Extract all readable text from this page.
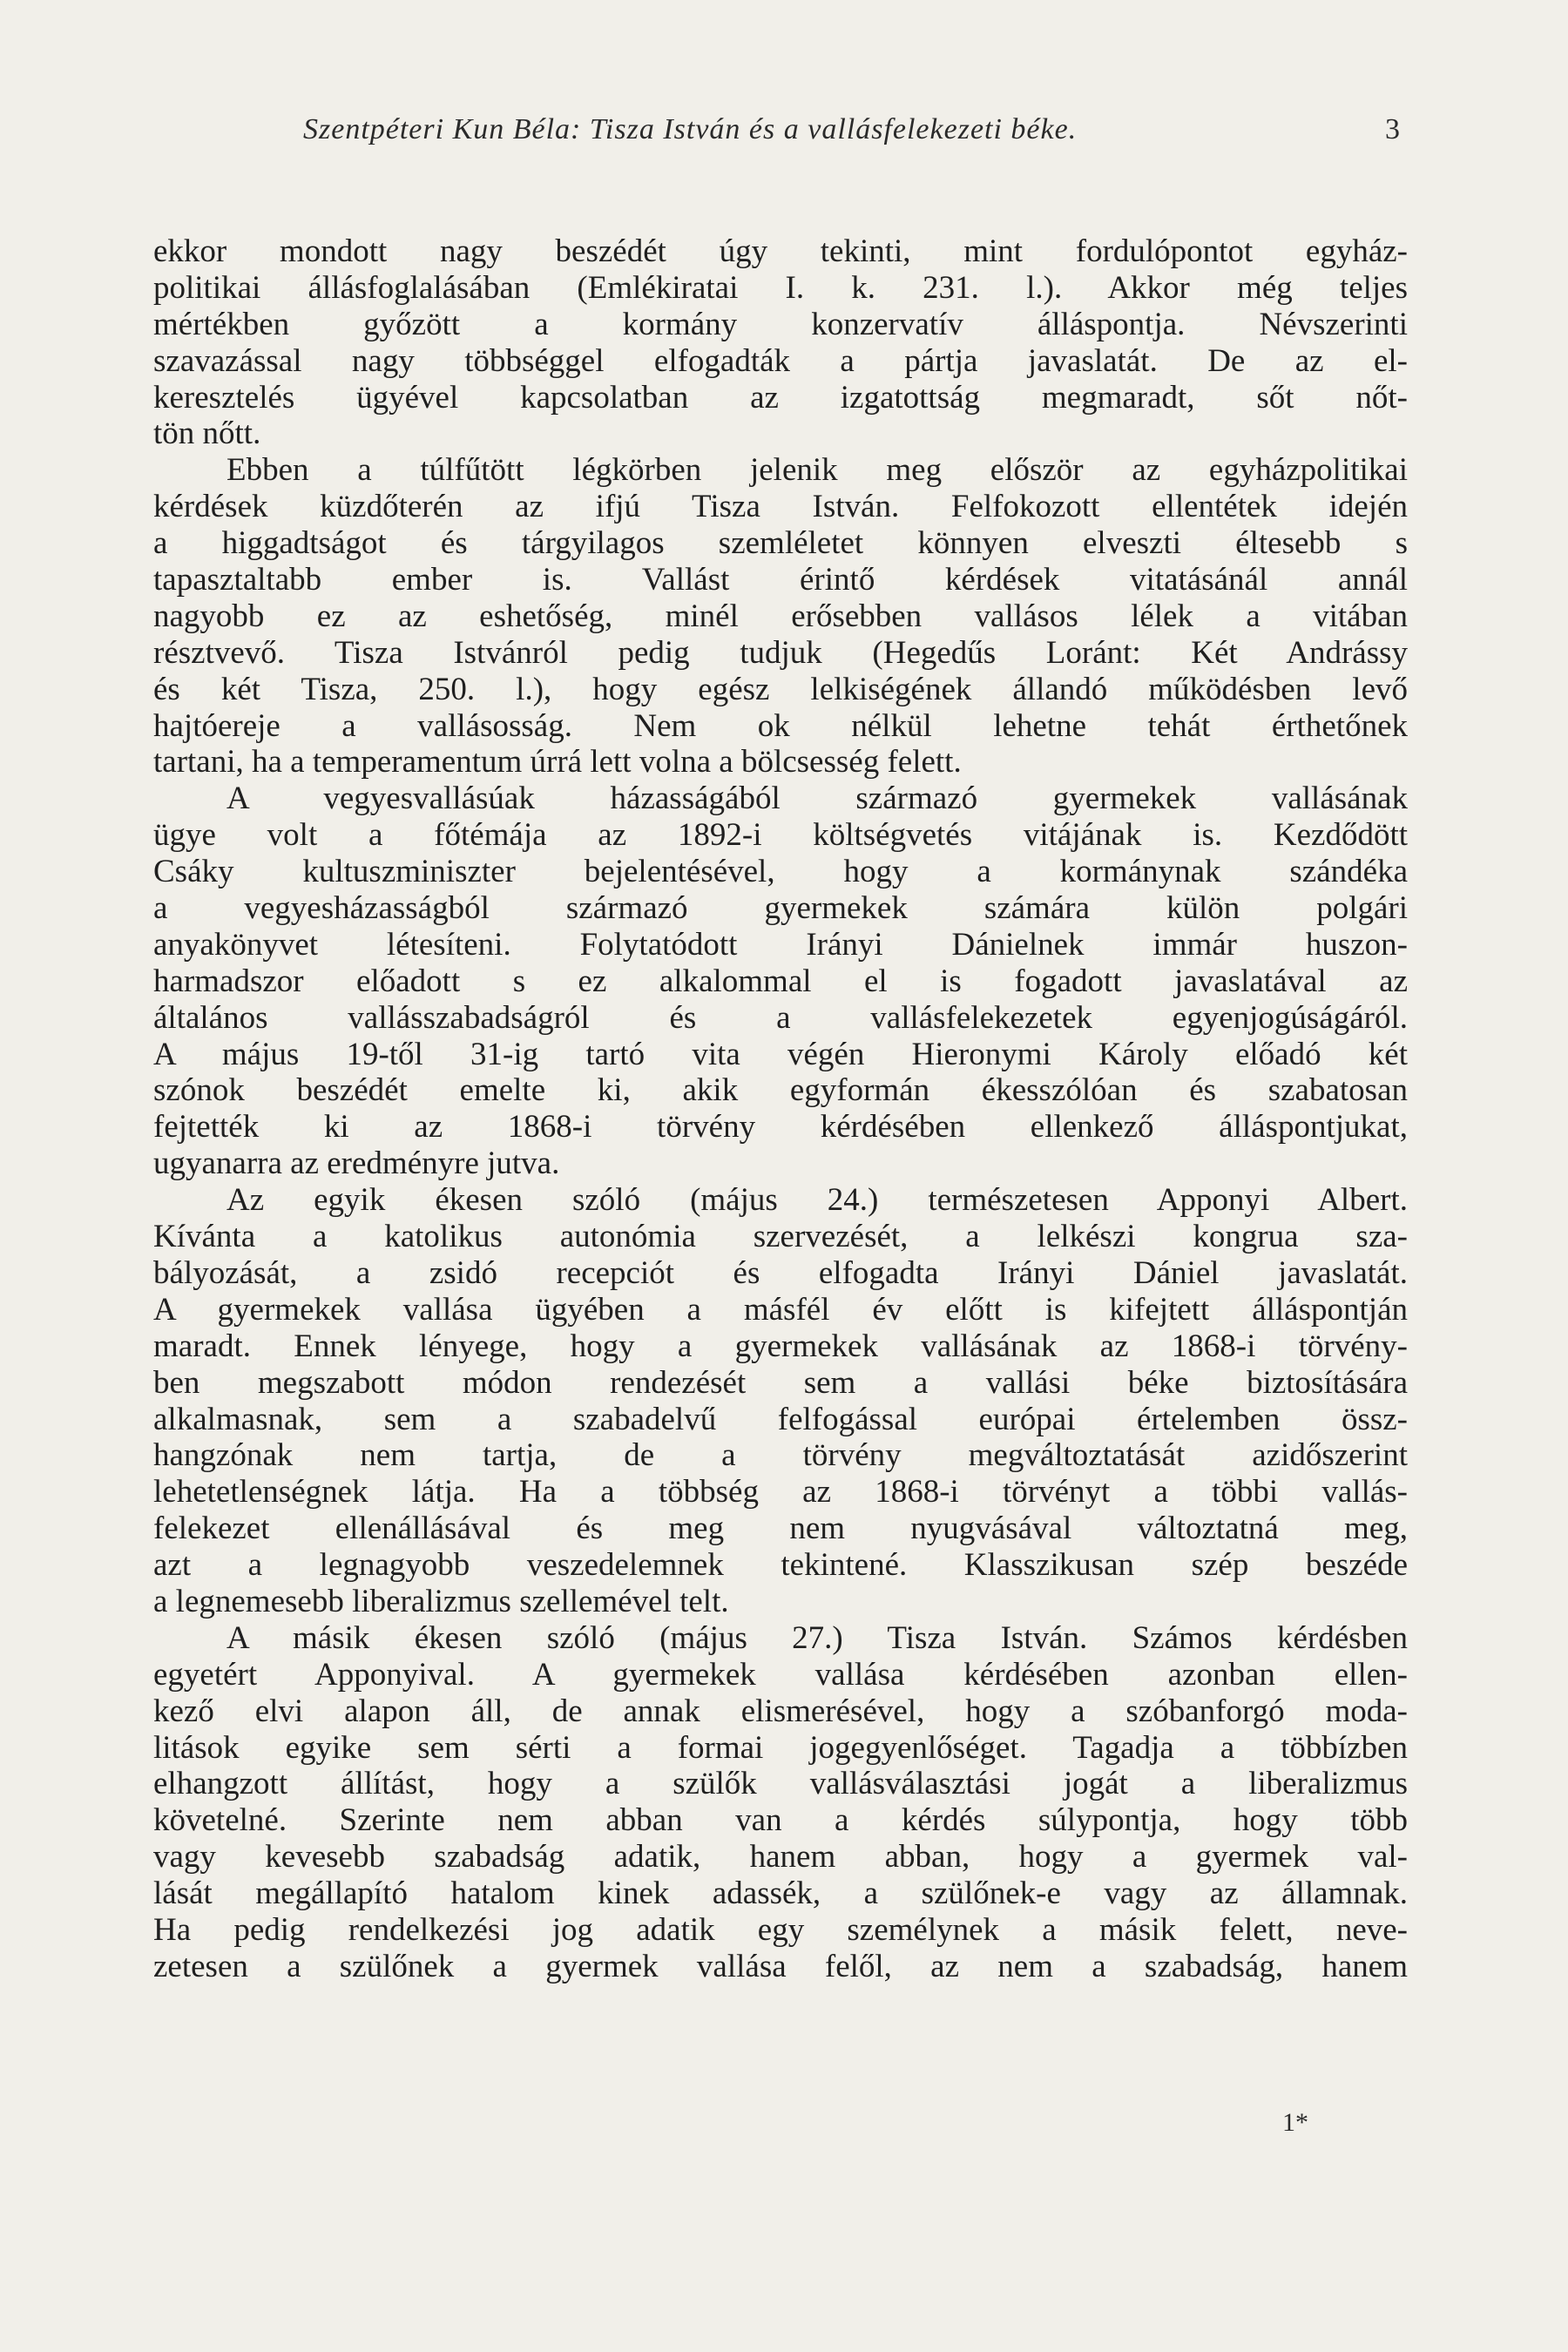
Szentpéteri Kun Béla: Tisza István és a vallásfelekezeti béke.	3
ekkor mondott nagy beszédét úgy tekinti, mint fordulópontot egyház-
politikai állásfoglalásában (Emlékiratai I. k. 231. l.). Akkor még teljes
mértékben győzött a kormány konzervatív álláspontja. Névszerinti
szavazással nagy többséggel elfogadták a pártja javaslatát. De az el-
keresztelés ügyével kapcsolatban az izgatottság megmaradt, sőt nőt-
tön nőtt.
Ebben a túlfűtött légkörben jelenik meg először az egyházpolitikai
kérdések küzdőterén az ifjú Tisza István. Felfokozott ellentétek idején
a higgadtságot és tárgyilagos szemléletet könnyen elveszti éltesebb s
tapasztaltabb ember is. Vallást érintő kérdések vitatásánál annál
nagyobb ez az eshetőség, minél erősebben vallásos lélek a vitában
résztvevő. Tisza Istvánról pedig tudjuk (Hegedűs Loránt: Két Andrássy
és két Tisza, 250. l.), hogy egész lelkiségének állandó működésben levő
hajtóereje a vallásosság. Nem ok nélkül lehetne tehát érthetőnek
tartani, ha a temperamentum úrrá lett volna a bölcsesség felett.
A vegyesvallásúak házasságából származó gyermekek vallásának
ügye volt a főtémája az 1892-i költségvetés vitájának is. Kezdődött
Csáky kultuszminiszter bejelentésével, hogy a kormánynak szándéka
a vegyesházasságból származó gyermekek számára külön polgári
anyakönyvet létesíteni. Folytatódott Irányi Dánielnek immár huszon-
harmadszor előadott s ez alkalommal el is fogadott javaslatával az
általános vallásszabadságról és a vallásfelekezetek egyenjogúságáról.
A május 19-től 31-ig tartó vita végén Hieronymi Károly előadó két
szónok beszédét emelte ki, akik egyformán ékesszólóan és szabatosan
fejtették ki az 1868-i törvény kérdésében ellenkező álláspontjukat,
ugyanarra az eredményre jutva.
Az egyik ékesen szóló (május 24.) természetesen Apponyi Albert.
Kívánta a katolikus autonómia szervezését, a lelkészi kongrua sza-
bályozását, a zsidó recepciót és elfogadta Irányi Dániel javaslatát.
A gyermekek vallása ügyében a másfél év előtt is kifejtett álláspontján
maradt. Ennek lényege, hogy a gyermekek vallásának az 1868-i törvény-
ben megszabott módon rendezését sem a vallási béke biztosítására
alkalmasnak, sem a szabadelvű felfogással európai értelemben össz-
hangzónak nem tartja, de a törvény megváltoztatását azidőszerint
lehetetlenségnek látja. Ha a többség az 1868-i törvényt a többi vallás-
felekezet ellenállásával és meg nem nyugvásával változtatná meg,
azt a legnagyobb veszedelemnek tekintené. Klasszikusan szép beszéde
a legnemesebb liberalizmus szellemével telt.
A másik ékesen szóló (május 27.) Tisza István. Számos kérdésben
egyetért Apponyival. A gyermekek vallása kérdésében azonban ellen-
kező elvi alapon áll, de annak elismerésével, hogy a szóbanforgó moda-
litások egyike sem sérti a formai jogegyenlőséget. Tagadja a többízben
elhangzott állítást, hogy a szülők vallásválasztási jogát a liberalizmus
követelné. Szerinte nem abban van a kérdés súlypontja, hogy több
vagy kevesebb szabadság adatik, hanem abban, hogy a gyermek val-
lását megállapító hatalom kinek adassék, a szülőnek-e vagy az államnak.
Ha pedig rendelkezési jog adatik egy személynek a másik felett, neve-
zetesen a szülőnek a gyermek vallása felől, az nem a szabadság, hanem
1*
